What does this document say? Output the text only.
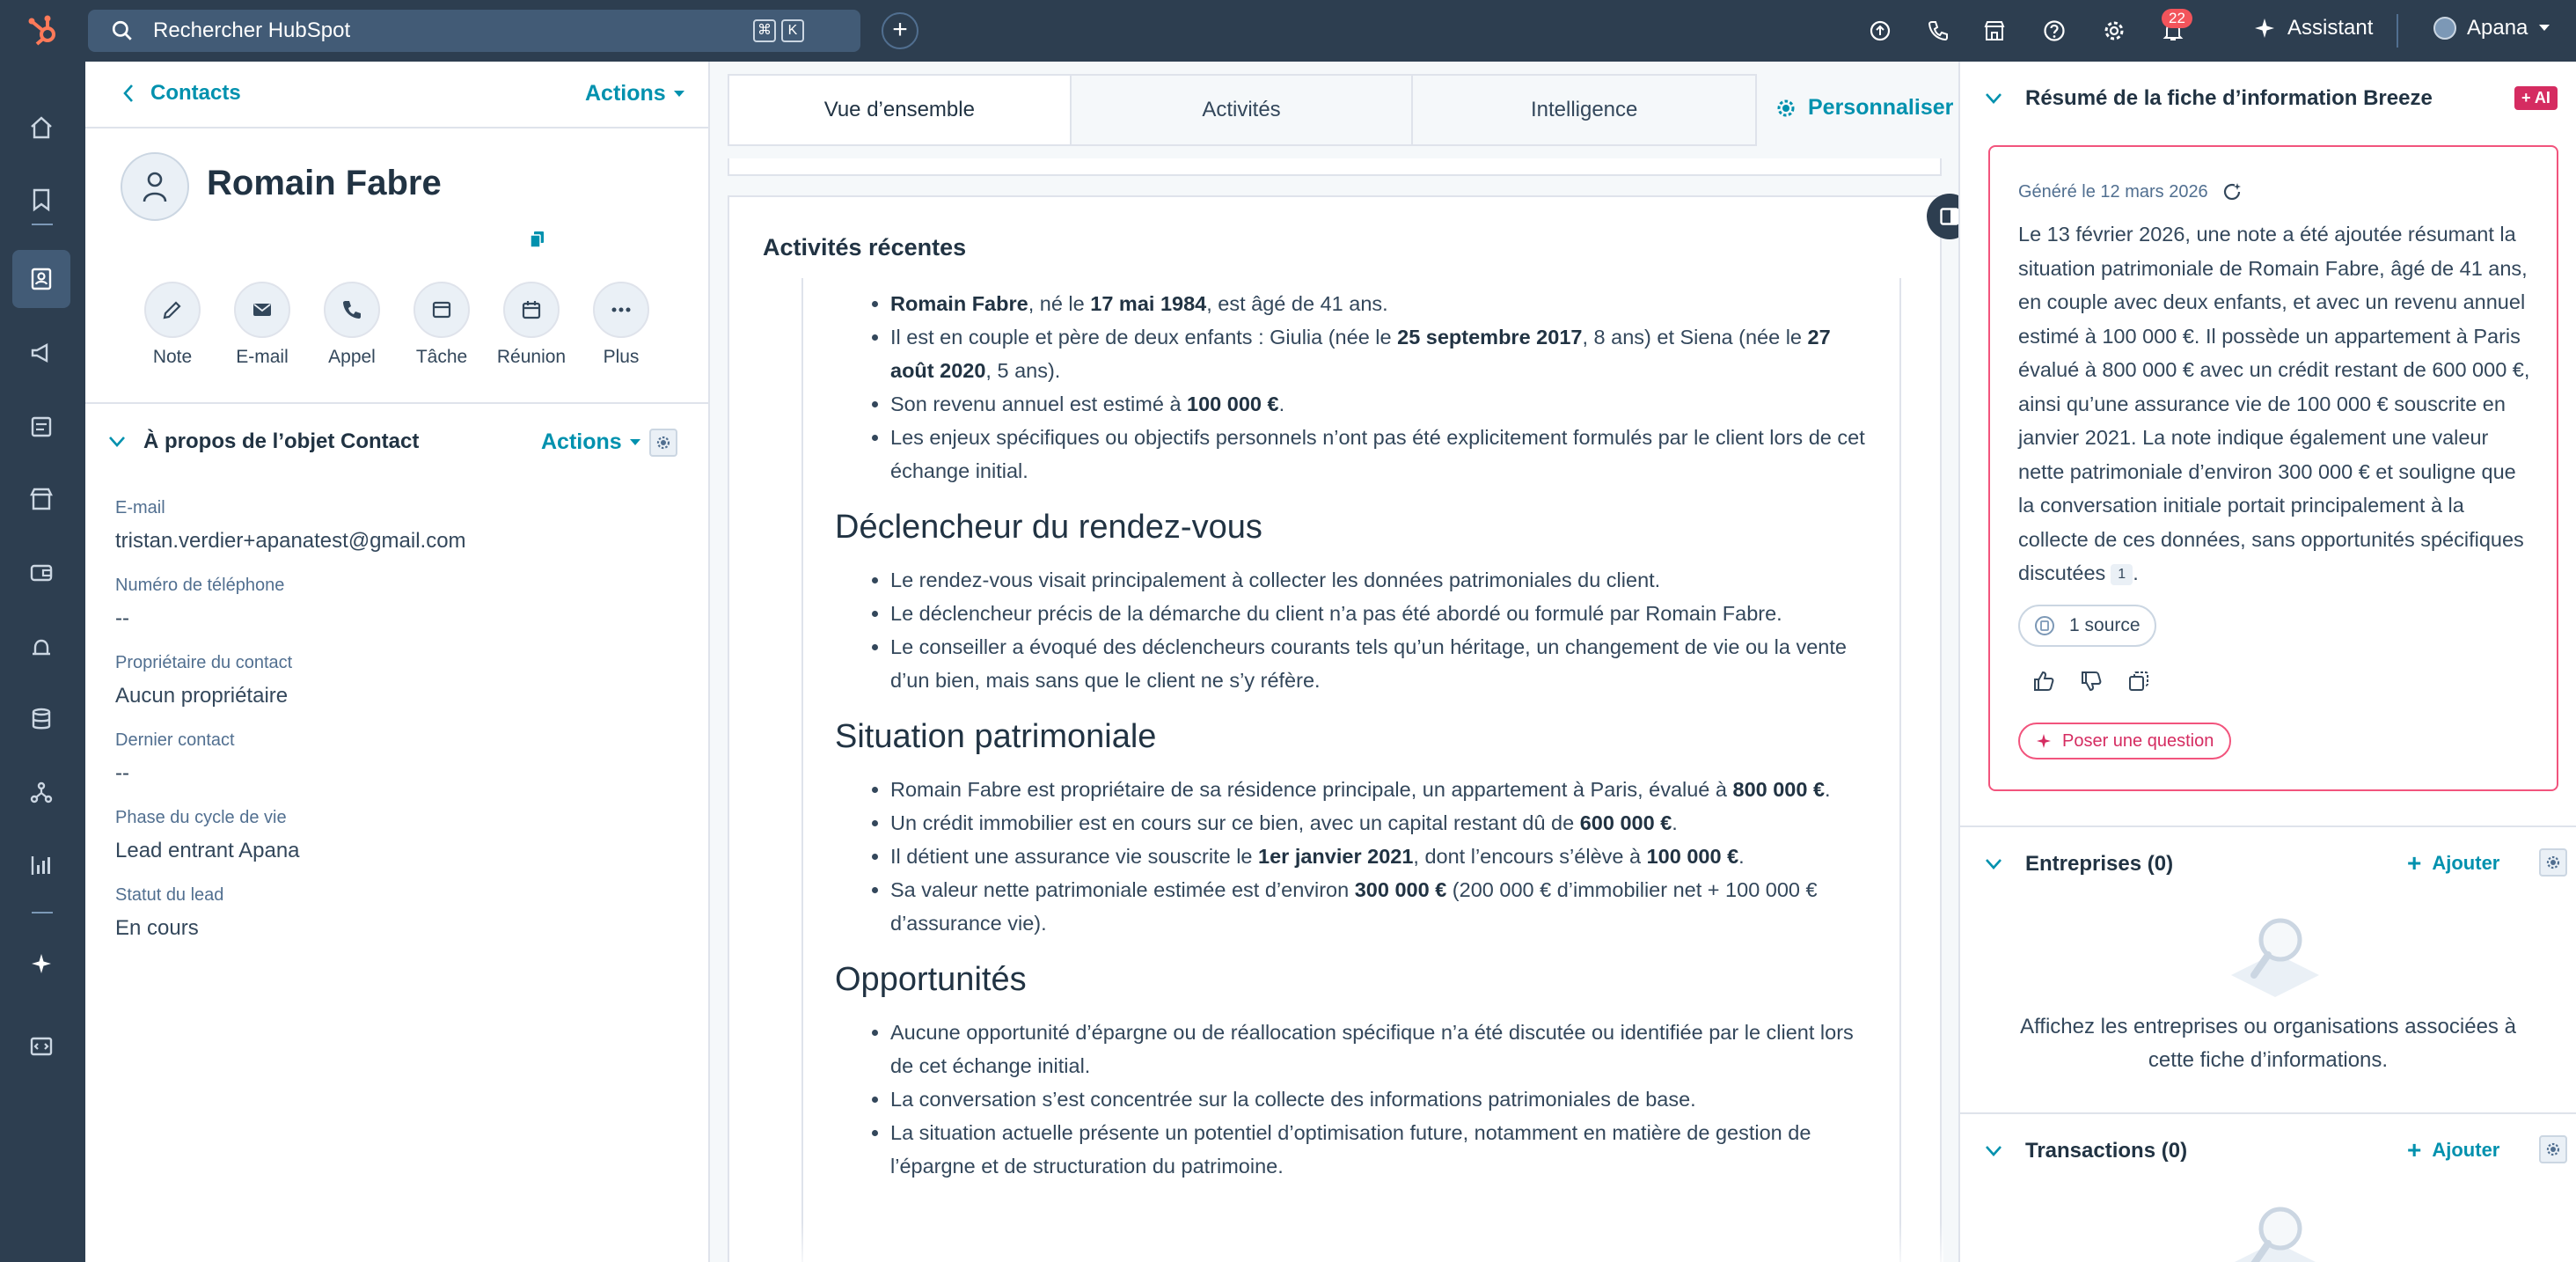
Rechercher HubSpot	⌘	K	+	22	Assistant	Apana
Contacts	Actions
Romain Fabre
Note	E-mail	Appel	Tâche	Réunion	Plus
À propos de l’objet Contact	Actions
E-mail
tristan.verdier+apanatest@gmail.com
Numéro de téléphone
--
Propriétaire du contact
Aucun propriétaire
Dernier contact
--
Phase du cycle de vie
Lead entrant Apana
Statut du lead
En cours
Vue d’ensemble	Activités	Intelligence	Personnaliser
Activités récentes
• Romain Fabre, né le 17 mai 1984, est âgé de 41 ans.
• Il est en couple et père de deux enfants : Giulia (née le 25 septembre 2017, 8 ans) et Siena (née le 27 août 2020, 5 ans).
• Son revenu annuel est estimé à 100 000 €.
• Les enjeux spécifiques ou objectifs personnels n’ont pas été explicitement formulés par le client lors de cet échange initial.
Déclencheur du rendez-vous
• Le rendez-vous visait principalement à collecter les données patrimoniales du client.
• Le déclencheur précis de la démarche du client n’a pas été abordé ou formulé par Romain Fabre.
• Le conseiller a évoqué des déclencheurs courants tels qu’un héritage, un changement de vie ou la vente d’un bien, mais sans que le client ne s’y réfère.
Situation patrimoniale
• Romain Fabre est propriétaire de sa résidence principale, un appartement à Paris, évalué à 800 000 €.
• Un crédit immobilier est en cours sur ce bien, avec un capital restant dû de 600 000 €.
• Il détient une assurance vie souscrite le 1er janvier 2021, dont l’encours s’élève à 100 000 €.
• Sa valeur nette patrimoniale estimée est d’environ 300 000 € (200 000 € d’immobilier net + 100 000 € d’assurance vie).
Opportunités
• Aucune opportunité d’épargne ou de réallocation spécifique n’a été discutée ou identifiée par le client lors de cet échange initial.
• La conversation s’est concentrée sur la collecte des informations patrimoniales de base.
• La situation actuelle présente un potentiel d’optimisation future, notamment en matière de gestion de l’épargne et de structuration du patrimoine.
Résumé de la fiche d’information Breeze	+ AI
Généré le 12 mars 2026
Le 13 février 2026, une note a été ajoutée résumant la situation patrimoniale de Romain Fabre, âgé de 41 ans, en couple avec deux enfants, et avec un revenu annuel estimé à 100 000 €. Il possède un appartement à Paris évalué à 800 000 € avec un crédit restant de 600 000 €, ainsi qu’une assurance vie de 100 000 € souscrite en janvier 2021. La note indique également une valeur nette patrimoniale d’environ 300 000 € et souligne que la conversation initiale portait principalement à la collecte de ces données, sans opportunités spécifiques discutées 1 .
1 source
Poser une question
Entreprises (0)	+ Ajouter
Affichez les entreprises ou organisations associées à cette fiche d’informations.
Transactions (0)	+ Ajouter
